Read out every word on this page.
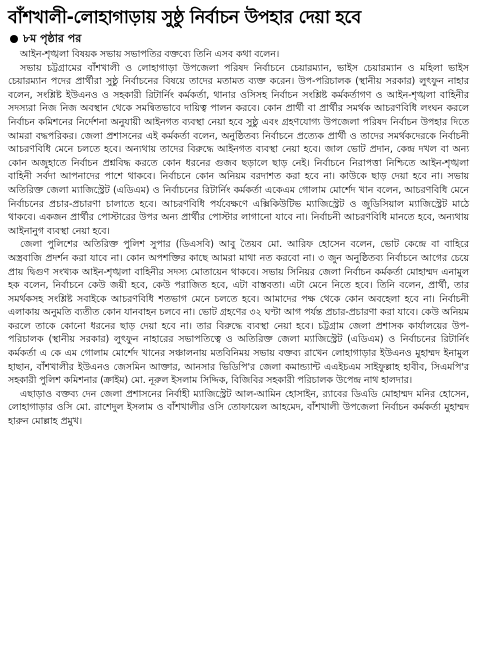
বাঁশখালী-লোহাগাড়ায় সুষ্ঠু নির্বাচন উপহার দেয়া হবে
৮ম পৃষ্ঠার পর

আইন-শৃঙ্খলা বিষয়ক সভায় সভাপতির বক্তব্যে তিনি এসব কথা বলেন।

সভায় চট্টগ্রামের বাঁশখালী ও লোহাগাড়া উপজেলা পরিষদ নির্বাচনে চেয়ারম্যান, ভাইস চেয়ারম্যান ও মহিলা ভাইস চেয়ারম্যান পদের প্রার্থীরা সুষ্ঠু নির্বাচনের বিষয়ে তাদের মতামত ব্যক্ত করেন। উপ-পরিচালক (স্থানীয় সরকার) লুৎফুন নাহার বলেন, সংশ্লিষ্ট ইউএনও ও সহকারী রিটার্নিং কর্মকর্তা, থানার ওসিসহ নির্বাচন সংশ্লিষ্ট কর্মকর্তাগণ ও আইন-শৃঙ্খলা বাহিনীর সদস্যরা নিজ নিজ অবস্থান থেকে সমন্বিতভাবে দায়িত্ব পালন করবে। কোন প্রার্থী বা প্রার্থীর সমর্থক আচরণবিধি লংঘন করলে নির্বাচন কমিশনের নির্দেশনা অনুযায়ী আইনগত ব্যবস্থা নেয়া হবে সুষ্ঠু এবং গ্রহণযোগ্য উপজেলা পরিষদ নির্বাচন উপহার দিতে আমরা বদ্ধপরিকর। জেলা প্রশাসনের এই কর্মকর্তা বলেন, অনুষ্ঠিতব্য নির্বাচনে প্রত্যেক প্রার্থী ও তাদের সমর্থকদেরকে নির্বাচনী আচরণবিধি মেনে চলতে হবে। অন্যথায় তাদের বিরুদ্ধে আইনগত ব্যবস্থা নেয়া হবে। জাল ভোট প্রদান, কেন্দ্র দখল বা অন্য কোন অজুহাতে নির্বাচন প্রশ্নবিদ্ধ করতে কোন ধরনের গুজব ছড়ালে ছাড় নেই। নির্বাচনে নিরাপত্তা নিশ্চিতে আইন-শৃঙ্খলা বাহিনী সর্বদা আপনাদের পাশে থাকবে। নির্বাচনে কোন অনিয়ম বরদাশত করা হবে না। কাউকে ছাড় দেয়া হবে না। সভায় অতিরিক্ত জেলা ম্যাজিস্ট্রেট (এডিএম) ও নির্বাচনের রিটার্নিং কর্মকর্তা একেএম গোলাম মোর্শেদ খান বলেন, আচরণবিধি মেনে নির্বাচনের প্রচার-প্রচারণা চালাতে হবে। আচরণবিধি পর্যবেক্ষণে এক্সিকিউটিভ ম্যাজিস্ট্রেট ও জুডিসিয়াল ম্যাজিস্ট্রেট মাঠে থাকবে। একজন প্রার্থীর পোস্টারের উপর অন্য প্রার্থীর পোস্টার লাগানো যাবে না। নির্বাচনী আচরণবিধি মানতে হবে, অন্যথায় আইনানুগ ব্যবস্থা নেয়া হবে।

জেলা পুলিশের অতিরিক্ত পুলিশ সুপার (ডিএসবি) আবু তৈয়ব মো. আরিফ হোসেন বলেন, ভোট কেন্দ্রে বা বাহিরে অস্ত্রবাজি প্রদর্শন করা যাবে না। কোন অপশক্তির কাছে আমরা মাথা নত করবো না। ৩ জুন অনুষ্ঠিতব্য নির্বাচনে আগের চেয়ে প্রায় দ্বিগুণ সংখ্যক আইন-শৃঙ্খলা বাহিনীর সদস্য মোতায়েন থাকবে। সভায় সিনিয়র জেলা নির্বাচন কর্মকর্তা মোহাম্মদ এনামুল হক বলেন, নির্বাচনে কেউ জয়ী হবে, কেউ পরাজিত হবে, এটা বাস্তবতা। এটা মেনে নিতে হবে। তিনি বলেন, প্রার্থী, তার সমর্থকসহ সংশ্লিষ্ট সবাইকে আচরণবিধি শতভাগ মেনে চলতে হবে। আমাদের পক্ষ থেকে কোন অবহেলা হবে না। নির্বাচনী এলাকায় অনুমতি ব্যতীত কোন যানবাহন চলবে না। ভোট গ্রহণের ৩২ ঘণ্টা আগ পর্যন্ত প্রচার-প্রচারণা করা যাবে। কেউ অনিয়ম করলে তাকে কোনো ধরনের ছাড় দেয়া হবে না। তার বিরুদ্ধে ব্যবস্থা নেয়া হবে। চট্টগ্রাম জেলা প্রশাসক কার্যালয়ের উপ-পরিচালক (স্থানীয় সরকার) লুৎফুন নাহারের সভাপতিত্বে ও অতিরিক্ত জেলা ম্যাজিস্ট্রেট (এডিএম) ও নির্বাচনের রিটার্নিং কর্মকর্তা এ কে এম গোলাম মোর্শেদ খানের সঞ্চালনায় মতবিনিময় সভায় বক্তব্য রাখেন লোহাগাড়ার ইউএনও মুহাম্মদ ইনামুল হাছান, বাঁশখালীর ইউএনও জেসমিন আক্তার, আনসার ভিডিপি'র জেলা কমান্ড্যান্ট এএইচএম সাইফুল্লাহ হাবীব, সিএমপি'র সহকারী পুলিশ কমিশনার (ক্রাইম) মো. নূরুল ইসলাম সিদ্দিক, বিজিবির সহকারী পরিচালক উপেন্দ্র নাথ হালদার।

এছাড়াও বক্তব্য দেন জেলা প্রশাসনের নির্বাহী ম্যাজিস্ট্রেট আল-আমিন হোসাইন, র‍্যাবের ডিএডি মোহাম্মদ মনির হোসেন, লোহাগাড়ার ওসি মো. রাশেদুল ইসলাম ও বাঁশখালীর ওসি তোফায়েল আহমেদ, বাঁশখালী উপজেলা নির্বাচন কর্মকর্তা মুহাম্মদ হারুন মোল্লাহ প্রমুখ।
